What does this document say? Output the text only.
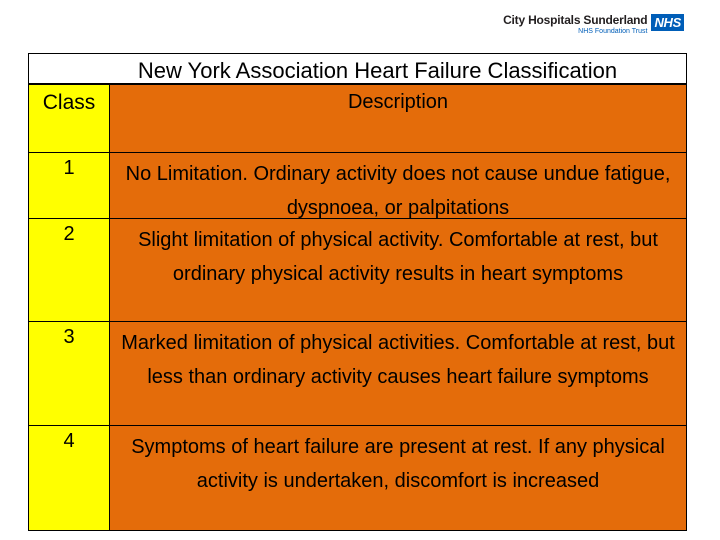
City Hospitals Sunderland
NHS Foundation Trust
NHS
New York Association Heart Failure Classification
Class	Description
1	No Limitation. Ordinary activity does not cause undue fatigue, dyspnoea, or palpitations
2	Slight limitation of physical activity. Comfortable at rest, but ordinary physical activity results in heart symptoms
3	Marked limitation of physical activities. Comfortable at rest, but less than ordinary activity causes heart failure symptoms
4	Symptoms of heart failure are present at rest. If any physical activity is undertaken, discomfort is increased
